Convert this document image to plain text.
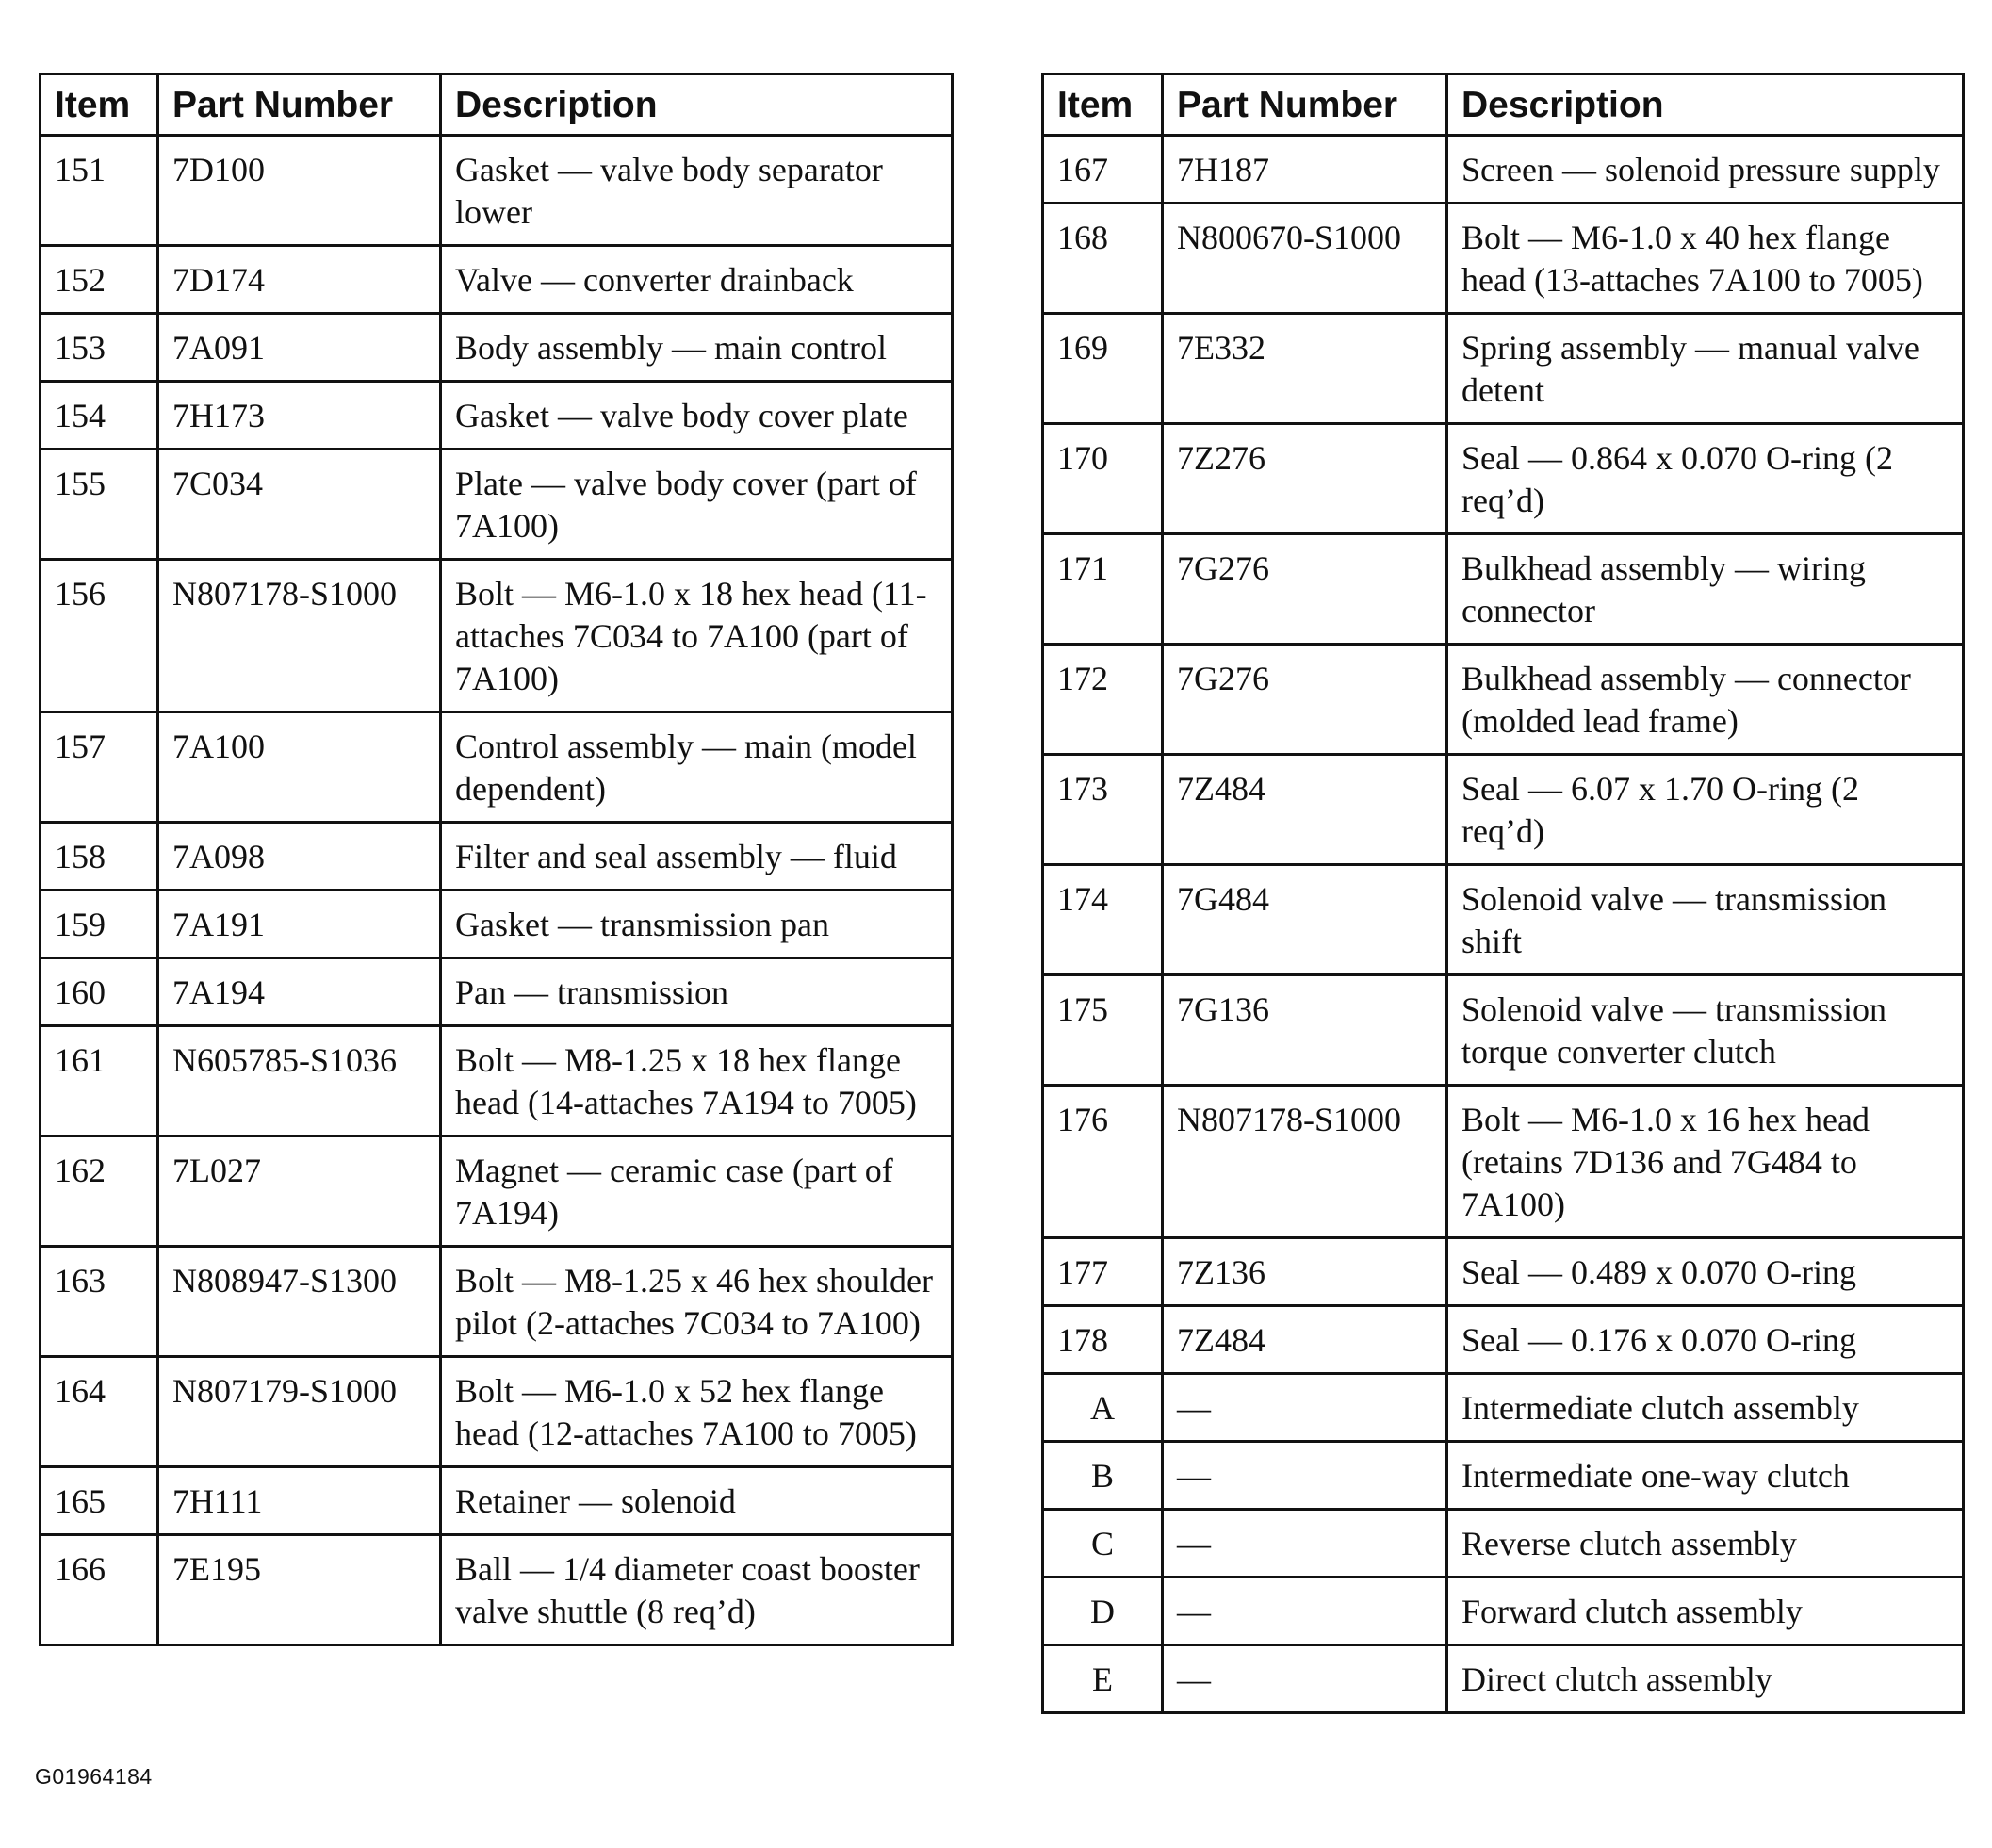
Item	Part Number	Description
151	7D100	Gasket — valve body separator lower
152	7D174	Valve — converter drainback
153	7A091	Body assembly — main control
154	7H173	Gasket — valve body cover plate
155	7C034	Plate — valve body cover (part of 7A100)
156	N807178-S1000	Bolt — M6-1.0 x 18 hex head (11-attaches 7C034 to 7A100 (part of 7A100)
157	7A100	Control assembly — main (model dependent)
158	7A098	Filter and seal assembly — fluid
159	7A191	Gasket — transmission pan
160	7A194	Pan — transmission
161	N605785-S1036	Bolt — M8-1.25 x 18 hex flange head (14-attaches 7A194 to 7005)
162	7L027	Magnet — ceramic case (part of 7A194)
163	N808947-S1300	Bolt — M8-1.25 x 46 hex shoulder pilot (2-attaches 7C034 to 7A100)
164	N807179-S1000	Bolt — M6-1.0 x 52 hex flange head (12-attaches 7A100 to 7005)
165	7H111	Retainer — solenoid
166	7E195	Ball — 1/4 diameter coast booster valve shuttle (8 req’d)
Item	Part Number	Description
167	7H187	Screen — solenoid pressure supply
168	N800670-S1000	Bolt — M6-1.0 x 40 hex flange head (13-attaches 7A100 to 7005)
169	7E332	Spring assembly — manual valve detent
170	7Z276	Seal — 0.864 x 0.070 O-ring (2 req’d)
171	7G276	Bulkhead assembly — wiring connector
172	7G276	Bulkhead assembly — connector (molded lead frame)
173	7Z484	Seal — 6.07 x 1.70 O-ring (2 req’d)
174	7G484	Solenoid valve — transmission shift
175	7G136	Solenoid valve — transmission torque converter clutch
176	N807178-S1000	Bolt — M6-1.0 x 16 hex head (retains 7D136 and 7G484 to 7A100)
177	7Z136	Seal — 0.489 x 0.070 O-ring
178	7Z484	Seal — 0.176 x 0.070 O-ring
A	—	Intermediate clutch assembly
B	—	Intermediate one-way clutch
C	—	Reverse clutch assembly
D	—	Forward clutch assembly
E	—	Direct clutch assembly
G01964184
